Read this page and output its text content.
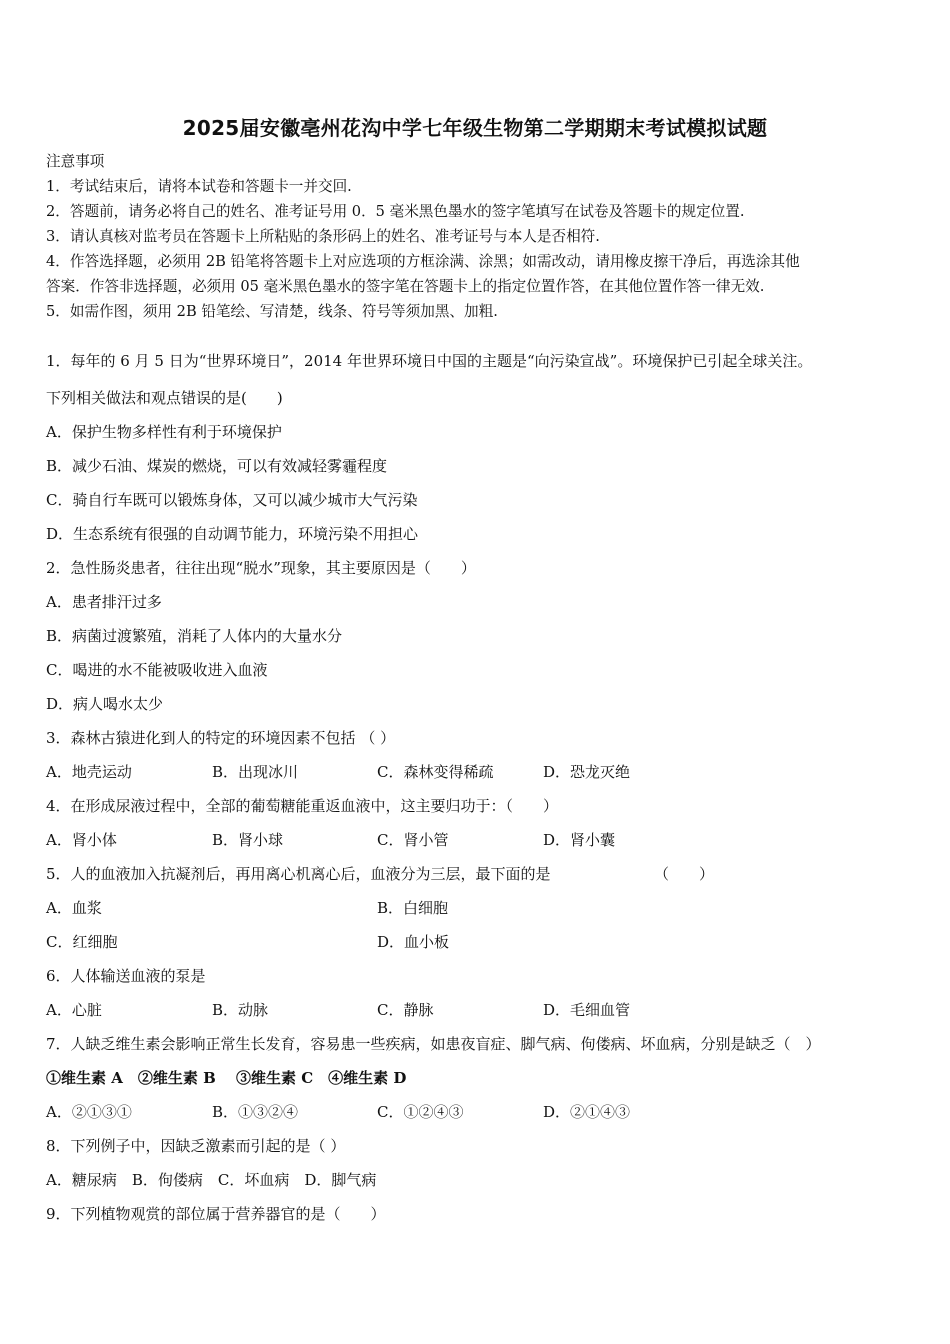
2025届安徽亳州花沟中学七年级生物第二学期期末考试模拟试题
注意事项
1．考试结束后，请将本试卷和答题卡一并交回.
2．答题前，请务必将自己的姓名、准考证号用 0．5 毫米黑色墨水的签字笔填写在试卷及答题卡的规定位置.
3．请认真核对监考员在答题卡上所粘贴的条形码上的姓名、准考证号与本人是否相符.
4．作答选择题，必须用 2B 铅笔将答题卡上对应选项的方框涂满、涂黑；如需改动，请用橡皮擦干净后，再选涂其他
答案．作答非选择题，必须用 05 毫米黑色墨水的签字笔在答题卡上的指定位置作答，在其他位置作答一律无效.
5．如需作图，须用 2B 铅笔绘、写清楚，线条、符号等须加黑、加粗.
1．每年的 6 月 5 日为“世界环境日”，2014 年世界环境日中国的主题是“向污染宣战”。环境保护已引起全球关注。
下列相关做法和观点错误的是(　　)
A．保护生物多样性有利于环境保护
B．减少石油、煤炭的燃烧，可以有效减轻雾霾程度
C．骑自行车既可以锻炼身体，又可以减少城市大气污染
D．生态系统有很强的自动调节能力，环境污染不用担心
2．急性肠炎患者，往往出现“脱水”现象，其主要原因是（　　）
A．患者排汗过多
B．病菌过渡繁殖，消耗了人体内的大量水分
C．喝进的水不能被吸收进入血液
D．病人喝水太少
3．森林古猿进化到人的特定的环境因素不包括 （ ）
A．地壳运动	B．出现冰川	C．森林变得稀疏	D．恐龙灭绝
4．在形成尿液过程中，全部的葡萄糖能重返血液中，这主要归功于：（　　）
A．肾小体	B．肾小球	C．肾小管	D．肾小囊
5．人的血液加入抗凝剂后，再用离心机离心后，血液分为三层，最下面的是	（　　）
A．血浆	B．白细胞
C．红细胞	D．血小板
6．人体输送血液的泵是
A．心脏	B．动脉	C．静脉	D．毛细血管
7．人缺乏维生素会影响正常生长发育，容易患一些疾病，如患夜盲症、脚气病、佝偻病、坏血病，分别是缺乏（　）
①维生素 A　②维生素 B　 ③维生素 C　④维生素 D
A．②①③①	B．①③②④	C．①②④③	D．②①④③
8．下列例子中，因缺乏激素而引起的是（ ）
A．糖尿病　B．佝偻病　C．坏血病　D．脚气病
9．下列植物观赏的部位属于营养器官的是（　　）
